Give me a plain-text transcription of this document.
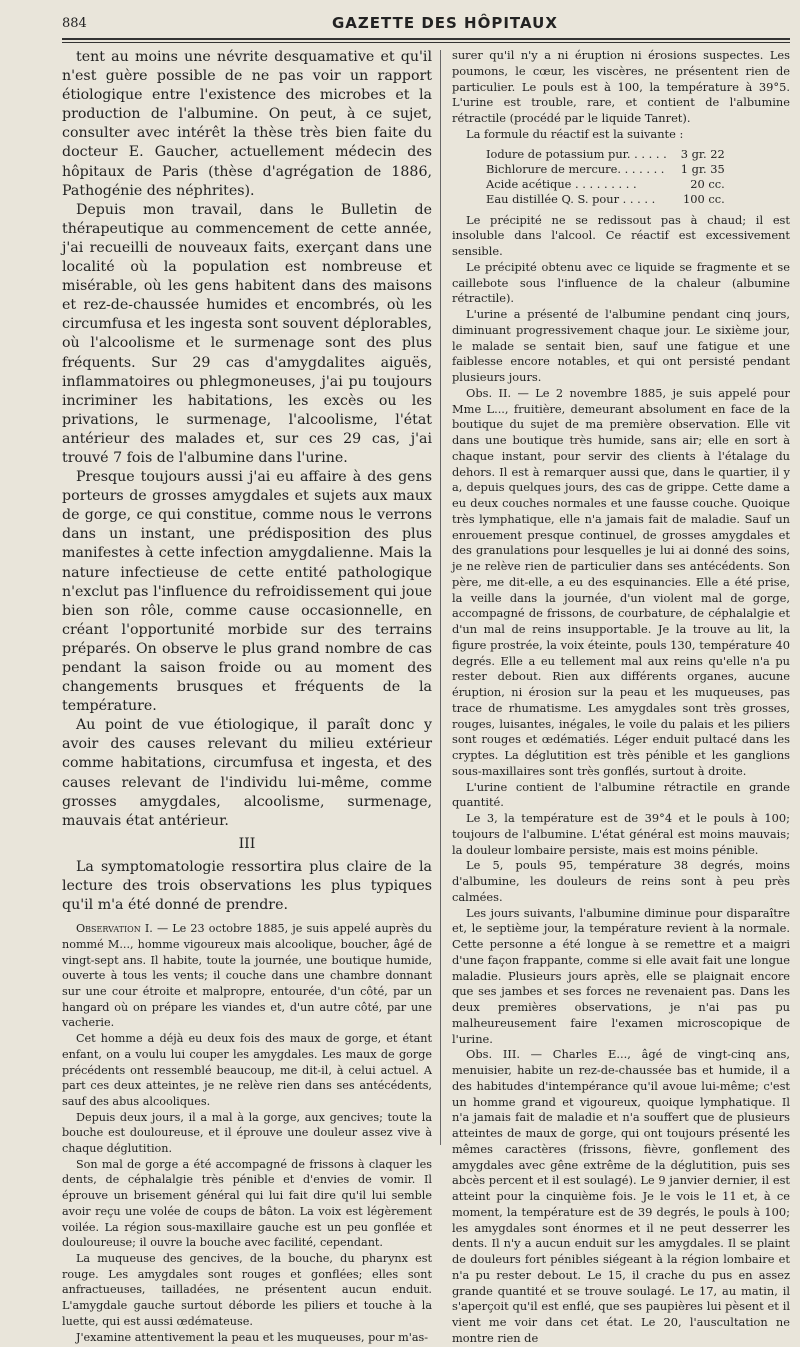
884	GAZETTE DES HÔPITAUX

tent au moins une névrite desquamative et qu'il n'est guère possible de ne pas voir un rapport étiologique entre l'existence des microbes et la production de l'albumine. On peut, à ce sujet, consulter avec intérêt la thèse très bien faite du docteur E. Gaucher, actuellement médecin des hôpitaux de Paris (thèse d'agrégation de 1886, Pathogénie des néphrites).

Depuis mon travail, dans le Bulletin de thérapeutique au commencement de cette année, j'ai recueilli de nouveaux faits, exerçant dans une localité où la population est nombreuse et misérable, où les gens habitent dans des maisons et rez-de-chaussée humides et encombrés, où les circumfusa et les ingesta sont souvent déplorables, où l'alcoolisme et le surmenage sont des plus fréquents. Sur 29 cas d'amygdalites aiguës, inflammatoires ou phlegmoneuses, j'ai pu toujours incriminer les habitations, les excès ou les privations, le surmenage, l'alcoolisme, l'état antérieur des malades et, sur ces 29 cas, j'ai trouvé 7 fois de l'albumine dans l'urine.

Presque toujours aussi j'ai eu affaire à des gens porteurs de grosses amygdales et sujets aux maux de gorge, ce qui constitue, comme nous le verrons dans un instant, une prédisposition des plus manifestes à cette infection amygdalienne. Mais la nature infectieuse de cette entité pathologique n'exclut pas l'influence du refroidissement qui joue bien son rôle, comme cause occasionnelle, en créant l'opportunité morbide sur des terrains préparés. On observe le plus grand nombre de cas pendant la saison froide ou au moment des changements brusques et fréquents de la température.

Au point de vue étiologique, il paraît donc y avoir des causes relevant du milieu extérieur comme habitations, circumfusa et ingesta, et des causes relevant de l'individu lui-même, comme grosses amygdales, alcoolisme, surmenage, mauvais état antérieur.

III

La symptomatologie ressortira plus claire de la lecture des trois observations les plus typiques qu'il m'a été donné de prendre.

Observation I. — Le 23 octobre 1885, je suis appelé auprès du nommé M..., homme vigoureux mais alcoolique, boucher, âgé de vingt-sept ans. Il habite, toute la journée, une boutique humide, ouverte à tous les vents; il couche dans une chambre donnant sur une cour étroite et malpropre, entourée, d'un côté, par un hangard où on prépare les viandes et, d'un autre côté, par une vacherie.

Cet homme a déjà eu deux fois des maux de gorge, et étant enfant, on a voulu lui couper les amygdales. Les maux de gorge précédents ont ressemblé beaucoup, me dit-il, à celui actuel. A part ces deux atteintes, je ne relève rien dans ses antécédents, sauf des abus alcooliques.

Depuis deux jours, il a mal à la gorge, aux gencives; toute la bouche est douloureuse, et il éprouve une douleur assez vive à chaque déglutition.

Son mal de gorge a été accompagné de frissons à claquer les dents, de céphalalgie très pénible et d'envies de vomir. Il éprouve un brisement général qui lui fait dire qu'il lui semble avoir reçu une volée de coups de bâton. La voix est légèrement voilée. La région sous-maxillaire gauche est un peu gonflée et douloureuse; il ouvre la bouche avec facilité, cependant.

La muqueuse des gencives, de la bouche, du pharynx est rouge. Les amygdales sont rouges et gonflées; elles sont anfractueuses, tailladées, ne présentent aucun enduit. L'amygdale gauche surtout déborde les piliers et touche à la luette, qui est aussi œdémateuse.

J'examine attentivement la peau et les muqueuses, pour m'as-

surer qu'il n'y a ni éruption ni érosions suspectes. Les poumons, le cœur, les viscères, ne présentent rien de particulier. Le pouls est à 100, la température à 39°5. L'urine est trouble, rare, et contient de l'albumine rétractile (procédé par le liquide Tanret).

La formule du réactif est la suivante :

Iodure de potassium pur. . . . . .	3 gr. 22
Bichlorure de mercure. . . . . . .	1 gr. 35
Acide acétique . . . . . . . . .	20 cc.
Eau distillée Q. S. pour . . . . .	100 cc.

Le précipité ne se redissout pas à chaud; il est insoluble dans l'alcool. Ce réactif est excessivement sensible.

Le précipité obtenu avec ce liquide se fragmente et se caillebote sous l'influence de la chaleur (albumine rétractile).

L'urine a présenté de l'albumine pendant cinq jours, diminuant progressivement chaque jour. Le sixième jour, le malade se sentait bien, sauf une fatigue et une faiblesse encore notables, et qui ont persisté pendant plusieurs jours.

Obs. II. — Le 2 novembre 1885, je suis appelé pour Mme L..., fruitière, demeurant absolument en face de la boutique du sujet de ma première observation. Elle vit dans une boutique très humide, sans air; elle en sort à chaque instant, pour servir des clients à l'étalage du dehors. Il est à remarquer aussi que, dans le quartier, il y a, depuis quelques jours, des cas de grippe. Cette dame a eu deux couches normales et une fausse couche. Quoique très lymphatique, elle n'a jamais fait de maladie. Sauf un enrouement presque continuel, de grosses amygdales et des granulations pour lesquelles je lui ai donné des soins, je ne relève rien de particulier dans ses antécédents. Son père, me dit-elle, a eu des esquinancies. Elle a été prise, la veille dans la journée, d'un violent mal de gorge, accompagné de frissons, de courbature, de céphalalgie et d'un mal de reins insupportable. Je la trouve au lit, la figure prostrée, la voix éteinte, pouls 130, température 40 degrés. Elle a eu tellement mal aux reins qu'elle n'a pu rester debout. Rien aux différents organes, aucune éruption, ni érosion sur la peau et les muqueuses, pas trace de rhumatisme. Les amygdales sont très grosses, rouges, luisantes, inégales, le voile du palais et les piliers sont rouges et œdématiés. Léger enduit pultacé dans les cryptes. La déglutition est très pénible et les ganglions sous-maxillaires sont très gonflés, surtout à droite.

L'urine contient de l'albumine rétractile en grande quantité.

Le 3, la température est de 39°4 et le pouls à 100; toujours de l'albumine. L'état général est moins mauvais; la douleur lombaire persiste, mais est moins pénible.

Le 5, pouls 95, température 38 degrés, moins d'albumine, les douleurs de reins sont à peu près calmées.

Les jours suivants, l'albumine diminue pour disparaître et, le septième jour, la température revient à la normale. Cette personne a été longue à se remettre et a maigri d'une façon frappante, comme si elle avait fait une longue maladie. Plusieurs jours après, elle se plaignait encore que ses jambes et ses forces ne revenaient pas. Dans les deux premières observations, je n'ai pas pu malheureusement faire l'examen microscopique de l'urine.

Obs. III. — Charles E..., âgé de vingt-cinq ans, menuisier, habite un rez-de-chaussée bas et humide, il a des habitudes d'intempérance qu'il avoue lui-même; c'est un homme grand et vigoureux, quoique lymphatique. Il n'a jamais fait de maladie et n'a souffert que de plusieurs atteintes de maux de gorge, qui ont toujours présenté les mêmes caractères (frissons, fièvre, gonflement des amygdales avec gêne extrême de la déglutition, puis ses abcès percent et il est soulagé). Le 9 janvier dernier, il est atteint pour la cinquième fois. Je le vois le 11 et, à ce moment, la température est de 39 degrés, le pouls à 100; les amygdales sont énormes et il ne peut desserrer les dents. Il n'y a aucun enduit sur les amygdales. Il se plaint de douleurs fort pénibles siégeant à la région lombaire et n'a pu rester debout. Le 15, il crache du pus en assez grande quantité et se trouve soulagé. Le 17, au matin, il s'aperçoit qu'il est enflé, que ses paupières lui pèsent et il vient me voir dans cet état. Le 20, l'auscultation ne montre rien de
